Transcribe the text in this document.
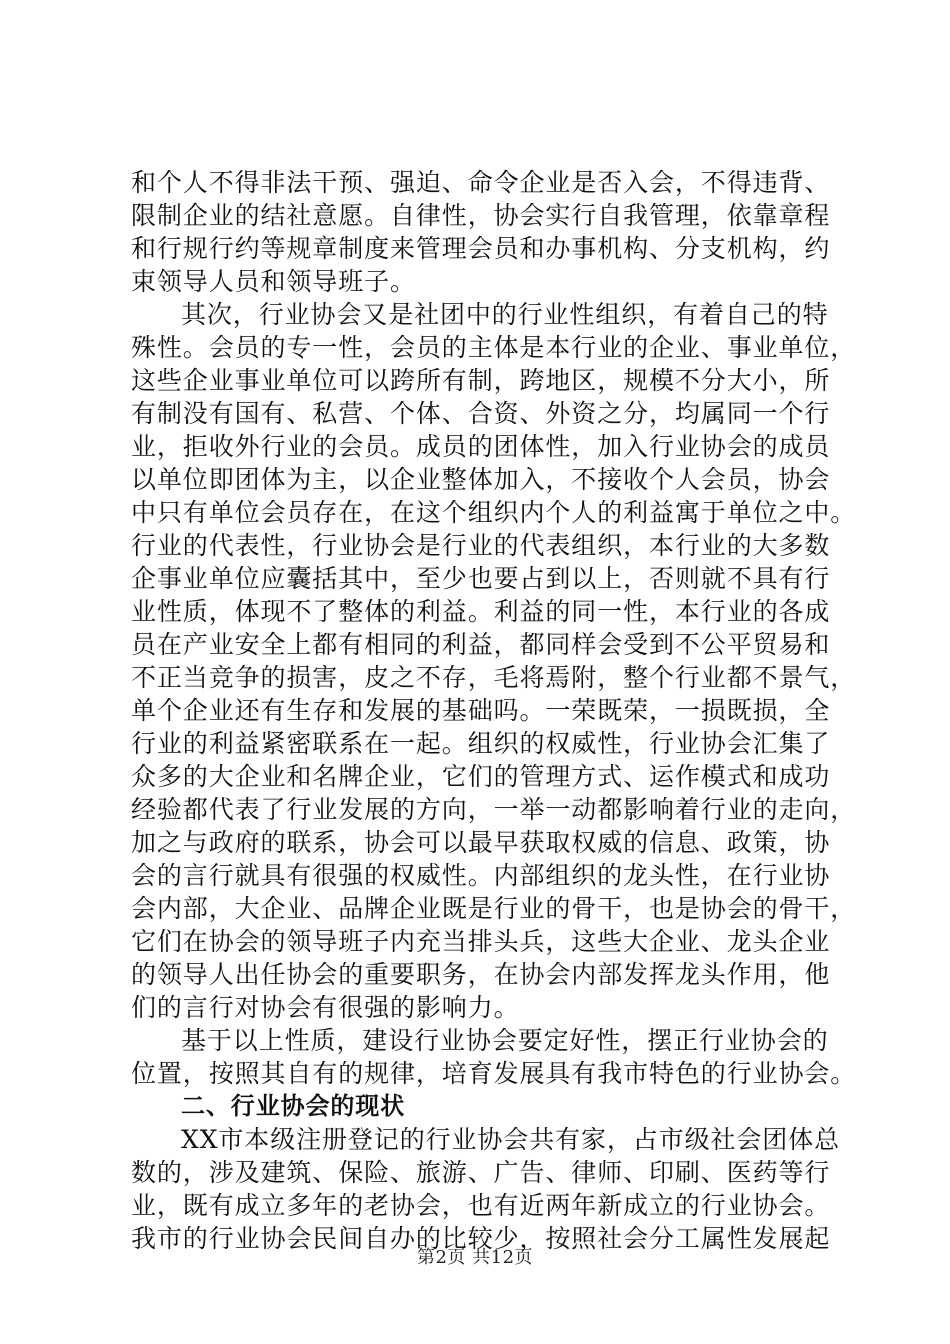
和个人不得非法干预、强迫、命令企业是否入会，不得违背、
限制企业的结社意愿。自律性，协会实行自我管理，依靠章程
和行规行约等规章制度来管理会员和办事机构、分支机构，约
束领导人员和领导班子。
其次，行业协会又是社团中的行业性组织，有着自己的特
殊性。会员的专一性，会员的主体是本行业的企业、事业单位，
这些企业事业单位可以跨所有制，跨地区，规模不分大小，所
有制没有国有、私营、个体、合资、外资之分，均属同一个行
业，拒收外行业的会员。成员的团体性，加入行业协会的成员
以单位即团体为主，以企业整体加入，不接收个人会员，协会
中只有单位会员存在，在这个组织内个人的利益寓于单位之中。
行业的代表性，行业协会是行业的代表组织，本行业的大多数
企事业单位应囊括其中，至少也要占到以上，否则就不具有行
业性质，体现不了整体的利益。利益的同一性，本行业的各成
员在产业安全上都有相同的利益，都同样会受到不公平贸易和
不正当竞争的损害，皮之不存，毛将焉附，整个行业都不景气，
单个企业还有生存和发展的基础吗。一荣既荣，一损既损，全
行业的利益紧密联系在一起。组织的权威性，行业协会汇集了
众多的大企业和名牌企业，它们的管理方式、运作模式和成功
经验都代表了行业发展的方向，一举一动都影响着行业的走向，
加之与政府的联系，协会可以最早获取权威的信息、政策，协
会的言行就具有很强的权威性。内部组织的龙头性，在行业协
会内部，大企业、品牌企业既是行业的骨干，也是协会的骨干，
它们在协会的领导班子内充当排头兵，这些大企业、龙头企业
的领导人出任协会的重要职务，在协会内部发挥龙头作用，他
们的言行对协会有很强的影响力。
基于以上性质，建设行业协会要定好性，摆正行业协会的
位置，按照其自有的规律，培育发展具有我市特色的行业协会。
二、行业协会的现状
XX市本级注册登记的行业协会共有家，占市级社会团体总
数的，涉及建筑、保险、旅游、广告、律师、印刷、医药等行
业，既有成立多年的老协会，也有近两年新成立的行业协会。
我市的行业协会民间自办的比较少，按照社会分工属性发展起
第2页 共12页
